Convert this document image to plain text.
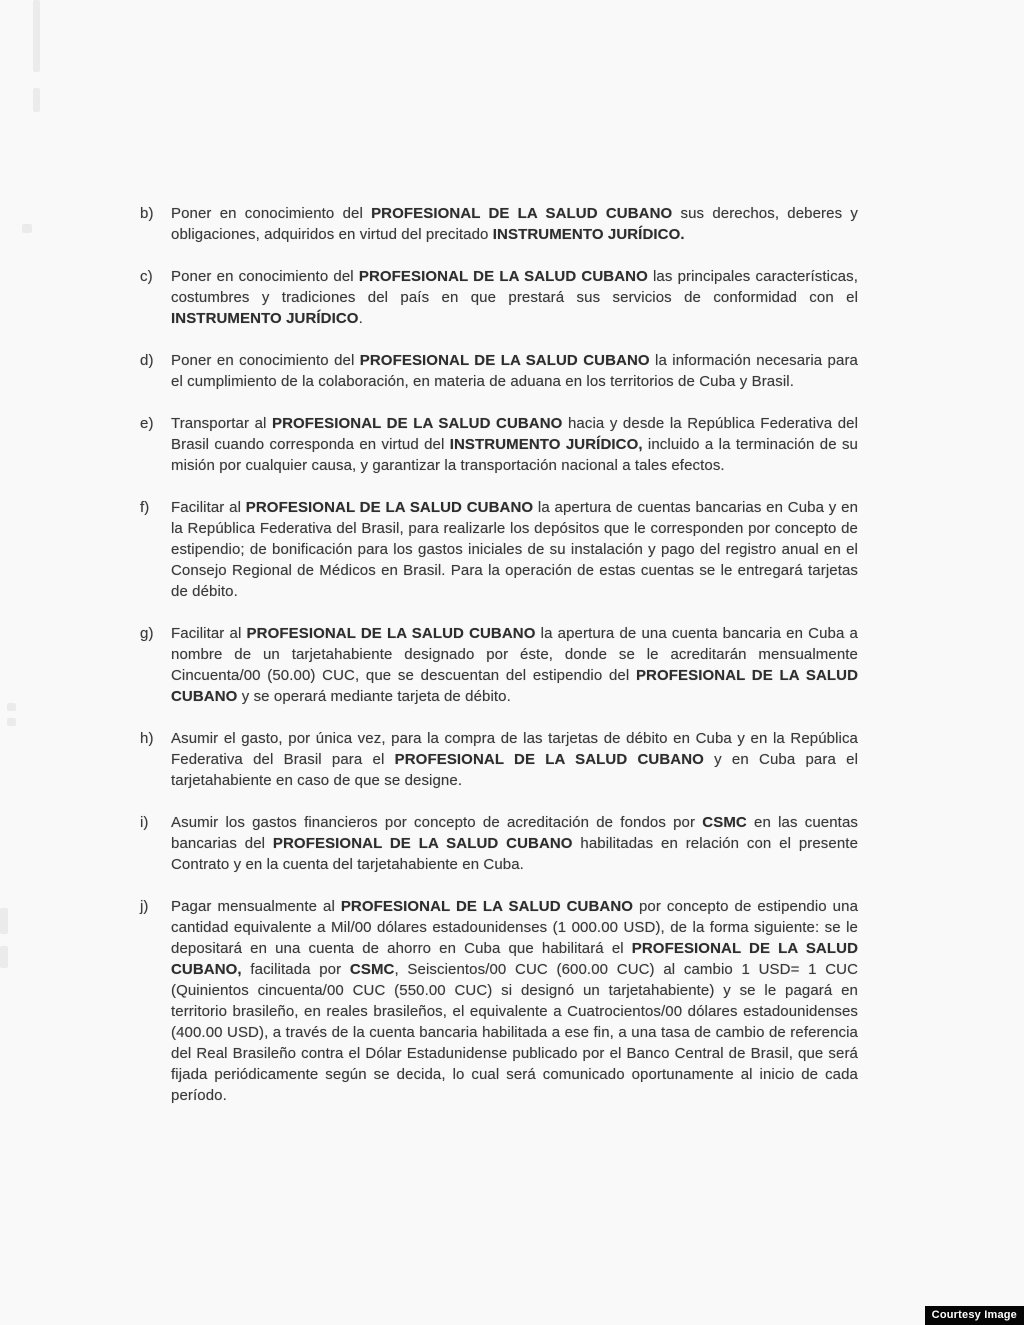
b) Poner en conocimiento del PROFESIONAL DE LA SALUD CUBANO sus derechos, deberes y obligaciones, adquiridos en virtud del precitado INSTRUMENTO JURÍDICO.

c) Poner en conocimiento del PROFESIONAL DE LA SALUD CUBANO las principales características, costumbres y tradiciones del país en que prestará sus servicios de conformidad con el INSTRUMENTO JURÍDICO.

d) Poner en conocimiento del PROFESIONAL DE LA SALUD CUBANO la información necesaria para el cumplimiento de la colaboración, en materia de aduana en los territorios de Cuba y Brasil.

e) Transportar al PROFESIONAL DE LA SALUD CUBANO hacia y desde la República Federativa del Brasil cuando corresponda en virtud del INSTRUMENTO JURÍDICO, incluido a la terminación de su misión por cualquier causa, y garantizar la transportación nacional a tales efectos.

f) Facilitar al PROFESIONAL DE LA SALUD CUBANO la apertura de cuentas bancarias en Cuba y en la República Federativa del Brasil, para realizarle los depósitos que le corresponden por concepto de estipendio; de bonificación para los gastos iniciales de su instalación y pago del registro anual en el Consejo Regional de Médicos en Brasil. Para la operación de estas cuentas se le entregará tarjetas de débito.

g) Facilitar al PROFESIONAL DE LA SALUD CUBANO la apertura de una cuenta bancaria en Cuba a nombre de un tarjetahabiente designado por éste, donde se le acreditarán mensualmente Cincuenta/00 (50.00) CUC, que se descuentan del estipendio del PROFESIONAL DE LA SALUD CUBANO y se operará mediante tarjeta de débito.

h) Asumir el gasto, por única vez, para la compra de las tarjetas de débito en Cuba y en la República Federativa del Brasil para el PROFESIONAL DE LA SALUD CUBANO y en Cuba para el tarjetahabiente en caso de que se designe.

i) Asumir los gastos financieros por concepto de acreditación de fondos por CSMC en las cuentas bancarias del PROFESIONAL DE LA SALUD CUBANO habilitadas en relación con el presente Contrato y en la cuenta del tarjetahabiente en Cuba.

j) Pagar mensualmente al PROFESIONAL DE LA SALUD CUBANO por concepto de estipendio una cantidad equivalente a Mil/00 dólares estadounidenses (1 000.00 USD), de la forma siguiente: se le depositará en una cuenta de ahorro en Cuba que habilitará el PROFESIONAL DE LA SALUD CUBANO, facilitada por CSMC, Seiscientos/00 CUC (600.00 CUC) al cambio 1 USD= 1 CUC (Quinientos cincuenta/00 CUC (550.00 CUC) si designó un tarjetahabiente) y se le pagará en territorio brasileño, en reales brasileños, el equivalente a Cuatrocientos/00 dólares estadounidenses (400.00 USD), a través de la cuenta bancaria habilitada a ese fin, a una tasa de cambio de referencia del Real Brasileño contra el Dólar Estadunidense publicado por el Banco Central de Brasil, que será fijada periódicamente según se decida, lo cual será comunicado oportunamente al inicio de cada período.

Courtesy Image
